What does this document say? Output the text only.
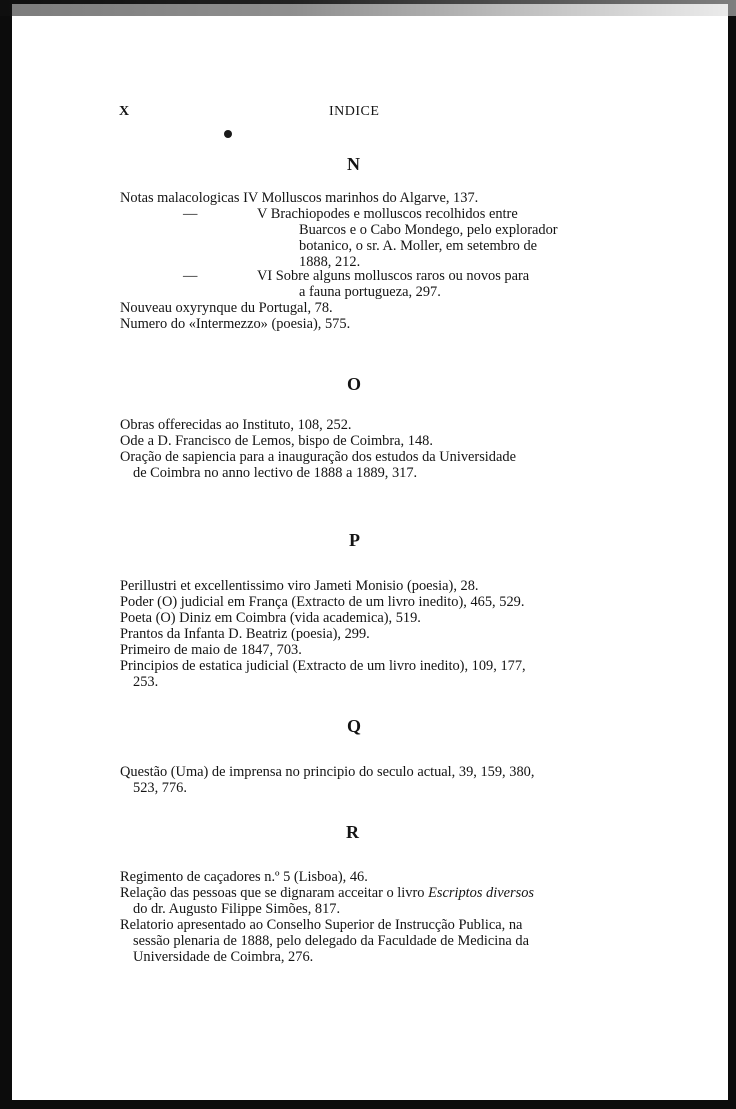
X	INDICE
N
Notas malacologicas IV Molluscos marinhos do Algarve, 137.
—	V Brachiopodes e molluscos recolhidos entre
Buarcos e o Cabo Mondego, pelo explorador
botanico, o sr. A. Moller, em setembro de
1888, 212.
—	VI Sobre alguns molluscos raros ou novos para
a fauna portugueza, 297.
Nouveau oxyrynque du Portugal, 78.
Numero do «Intermezzo» (poesia), 575.
O
Obras offerecidas ao Instituto, 108, 252.
Ode a D. Francisco de Lemos, bispo de Coimbra, 148.
Oração de sapiencia para a inauguração dos estudos da Universidade
de Coimbra no anno lectivo de 1888 a 1889, 317.
P
Perillustri et excellentissimo viro Jameti Monisio (poesia), 28.
Poder (O) judicial em França (Extracto de um livro inedito), 465, 529.
Poeta (O) Diniz em Coimbra (vida academica), 519.
Prantos da Infanta D. Beatriz (poesia), 299.
Primeiro de maio de 1847, 703.
Principios de estatica judicial (Extracto de um livro inedito), 109, 177,
253.
Q
Questão (Uma) de imprensa no principio do seculo actual, 39, 159, 380,
523, 776.
R
Regimento de caçadores n.º 5 (Lisboa), 46.
Relação das pessoas que se dignaram acceitar o livro Escriptos diversos
do dr. Augusto Filippe Simões, 817.
Relatorio apresentado ao Conselho Superior de Instrucção Publica, na
sessão plenaria de 1888, pelo delegado da Faculdade de Medicina da
Universidade de Coimbra, 276.
